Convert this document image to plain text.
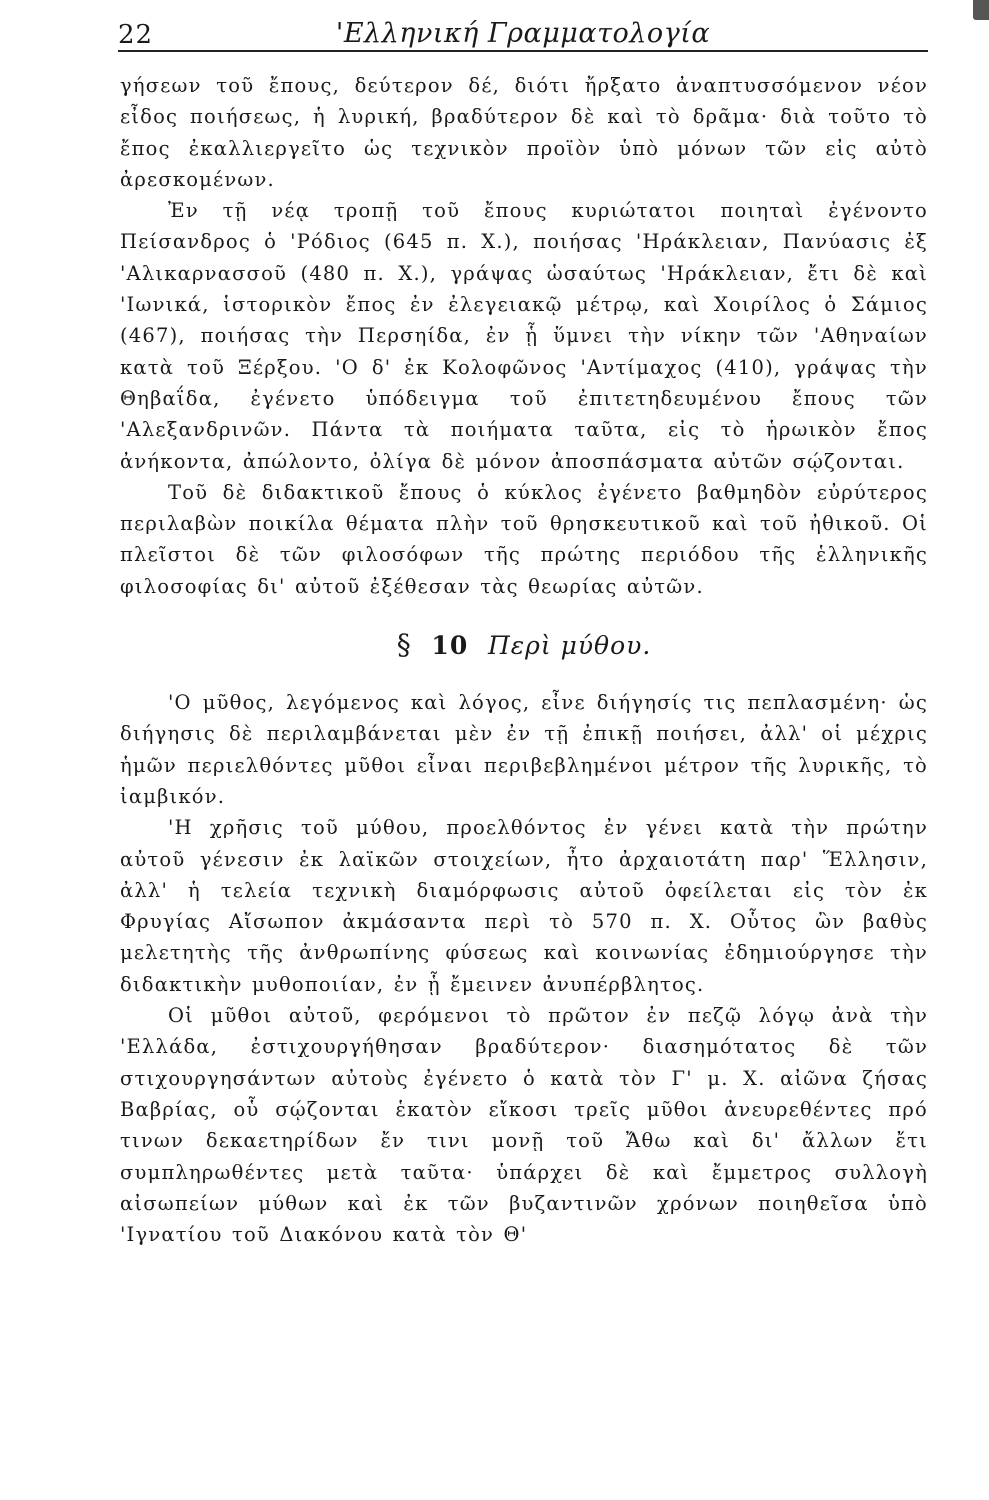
22	'Ελληνική Γραμματολογία

γήσεων τοῦ ἔπους, δεύτερον δέ, διότι ἤρξατο ἀναπτυσσόμενον νέον εἶδος ποιήσεως, ἡ λυρική, βραδύτερον δὲ καὶ τὸ δρᾶμα· διὰ τοῦτο τὸ ἔπος ἐκαλλιεργεῖτο ὡς τεχνικὸν προϊὸν ὑπὸ μόνων τῶν εἰς αὐτὸ ἀρεσκομένων.

Ἐν τῇ νέᾳ τροπῇ τοῦ ἔπους κυριώτατοι ποιηταὶ ἐγένοντο Πείσανδρος ὁ 'Ρόδιος (645 π. Χ.), ποιήσας 'Ηράκλειαν, Πανύασις ἐξ 'Αλικαρνασσοῦ (480 π. Χ.), γράψας ὡσαύτως 'Ηράκλειαν, ἔτι δὲ καὶ 'Ιωνικά, ἱστορικὸν ἔπος ἐν ἐλεγειακῷ μέτρῳ, καὶ Χοιρίλος ὁ Σάμιος (467), ποιήσας τὴν Περσηίδα, ἐν ᾗ ὕμνει τὴν νίκην τῶν 'Αθηναίων κατὰ τοῦ Ξέρξου. 'Ο δ' ἐκ Κολοφῶνος 'Αντίμαχος (410), γράψας τὴν Θηβαΐδα, ἐγένετο ὑπόδειγμα τοῦ ἐπιτετηδευμένου ἔπους τῶν 'Αλεξανδρινῶν. Πάντα τὰ ποιήματα ταῦτα, εἰς τὸ ἡρωικὸν ἔπος ἀνήκοντα, ἀπώλοντο, ὀλίγα δὲ μόνον ἀποσπάσματα αὐτῶν σῴζονται.

Τοῦ δὲ διδακτικοῦ ἔπους ὁ κύκλος ἐγένετο βαθμηδὸν εὐρύτερος περιλαβὼν ποικίλα θέματα πλὴν τοῦ θρησκευτικοῦ καὶ τοῦ ἠθικοῦ. Οἱ πλεῖστοι δὲ τῶν φιλοσόφων τῆς πρώτης περιόδου τῆς ἑλληνικῆς φιλοσοφίας δι' αὐτοῦ ἐξέθεσαν τὰς θεωρίας αὐτῶν.

§ 10 Περὶ μύθου.

'Ο μῦθος, λεγόμενος καὶ λόγος, εἶνε διήγησίς τις πεπλασμένη· ὡς διήγησις δὲ περιλαμβάνεται μὲν ἐν τῇ ἐπικῇ ποιήσει, ἀλλ' οἱ μέχρις ἡμῶν περιελθόντες μῦθοι εἶναι περιβεβλημένοι μέτρον τῆς λυρικῆς, τὸ ἰαμβικόν.

'Η χρῆσις τοῦ μύθου, προελθόντος ἐν γένει κατὰ τὴν πρώτην αὐτοῦ γένεσιν ἐκ λαϊκῶν στοιχείων, ἦτο ἀρχαιοτάτη παρ' Ἕλλησιν, ἀλλ' ἡ τελεία τεχνικὴ διαμόρφωσις αὐτοῦ ὀφείλεται εἰς τὸν ἐκ Φρυγίας Αἴσωπον ἀκμάσαντα περὶ τὸ 570 π. Χ. Οὗτος ὢν βαθὺς μελετητὴς τῆς ἀνθρωπίνης φύσεως καὶ κοινωνίας ἐδημιούργησε τὴν διδακτικὴν μυθοποιίαν, ἐν ᾗ ἔμεινεν ἀνυπέρβλητος.

Οἱ μῦθοι αὐτοῦ, φερόμενοι τὸ πρῶτον ἐν πεζῷ λόγῳ ἀνὰ τὴν 'Ελλάδα, ἐστιχουργήθησαν βραδύτερον· διασημότατος δὲ τῶν στιχουργησάντων αὐτοὺς ἐγένετο ὁ κατὰ τὸν Γ' μ. Χ. αἰῶνα ζήσας Βαβρίας, οὗ σῴζονται ἑκατὸν εἴκοσι τρεῖς μῦθοι ἀνευρεθέντες πρό τινων δεκαετηρίδων ἔν τινι μονῇ τοῦ Ἄθω καὶ δι' ἄλλων ἔτι συμπληρωθέντες μετὰ ταῦτα· ὑπάρχει δὲ καὶ ἔμμετρος συλλογὴ αἰσωπείων μύθων καὶ ἐκ τῶν βυζαντινῶν χρόνων ποιηθεῖσα ὑπὸ 'Ιγνατίου τοῦ Διακόνου κατὰ τὸν Θ'
